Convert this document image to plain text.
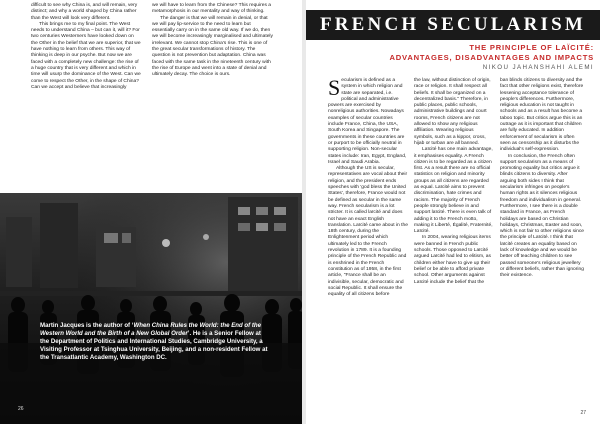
difficult to see why China is, and will remain, very distinct; and why a world shaped by China rather than the West will look very different.

This brings me to my final point. The West needs to understand China – but can it, will it? For two centuries Westerners have looked down on the Other in the belief that we are superior, that we have nothing to learn from others. This way of thinking is deep in our psyche. But now we are faced with a completely new challenge: the rise of a huge country that is very different and which in time will usurp the dominance of the West. Can we come to respect the Other, in the shape of China? Can we accept and believe that increasingly

we will have to learn from the Chinese? This requires a metamorphosis in our mentality and way of thinking.

The danger is that we will remain in denial, or that we will pay lip-service to the need to learn but essentially carry on in the same old way. If we do, then we will become increasingly marginalised and ultimately irrelevant. We cannot stop China's rise. This is one of the great secular transformations of history. The question is not prevention but adaptation. China was faced with the same task in the nineteenth century with the rise of Europe and went into a state of denial and ultimately decay. The choice is ours.

Martin Jacques is the author of ‘When China Rules the World: the End of the Western World and the Birth of a New Global Order’. He is a Senior Fellow at the Department of Politics and International Studies, Cambridge University, a Visiting Professor at Tsinghua University, Beijing, and a non-resident Fellow at the Transatlantic Academy, Washington DC.
26
FRENCH SECULARISM
THE PRINCIPLE OF LAÏCITÉ:
ADVANTAGES, DISADVANTAGES AND IMPACTS
NIKOU JAHANSHAHI ALEMI

Secularism is defined as a system in which religion and state are separated, i.e. political and administrative powers are exercised by nonreligious authorities. Nowadays examples of secular countries include France, China, the USA, South Korea and Singapore. The governments in these countries are or purport to be officially neutral in supporting religion. Non-secular states include: Iran, Egypt, England, Israel and Saudi Arabia.

Although the US is secular, representatives are vocal about their religion, and the president ends speeches with 'god bless the United States', therefore, France would not be defined as secular in the same way. French secularism is a lot stricter. It is called laïcité and does not have an exact English translation. Laïcité came about in the 18th century, during the Enlightenment period which ultimately led to the French revolution in 1789. It is a founding principle of the French Republic and is enshrined in the French constitution as of 1958, in the first article, "France shall be an indivisible, secular, democratic and social Republic. It shall ensure the equality of all citizens before

the law, without distinction of origin, race or religion. It shall respect all beliefs. It shall be organized on a decentralized basis." Therefore, in public places, public schools, administrative buildings and court rooms, French citizens are not allowed to show any religious affiliation. Wearing religious symbols, such as a kippor, cross, hijab or turban are all banned.

Laïcité has one main advantage, it emphasises equality. A French citizen is to be regarded as a citizen first. As a result there are no official statistics on religion and minority groups as all citizens are regarded as equal. Laïcité aims to prevent discrimination, hate crimes and racism. The majority of French people strongly believe in and support laïcité. There is even talk of adding it to the French motto, making it Liberté, Égalité, Fraternité, Laïcité.

In 2004, wearing religious items were banned in French public schools. Those opposed to Laïcité argued Laïcité had led to elitism, as children either have to give up their belief or be able to afford private school. Other arguments against Laïcité include the belief that the

ban blinds citizens to diversity and the fact that other religions exist, therefore lessening acceptance tolerance of people's differences. Furthermore, religious education is not taught in schools and as a result has become a taboo topic. But critics argue this is an outrage as it is important that children are fully educated. In addition enforcement of secularism is often seen as censorship as it disturbs the individual's self-expression.

In conclusion, the French often support secularism as a means of promoting equality but critics argue it blinds citizens to diversity. After arguing both sides I think that secularism infringes on people's human rights as it silences religious freedom and individualism in general. Furthermore, I see there is a double standard in France, as French holidays are based on Christian holidays, Christmas, Easter and soon, which is not fair to other religions since the principle of Laïcité. I think that laïcité creates an equality based on lack of knowledge and we would be better off teaching children to see passed someone's religious jewellery or different beliefs, rather than ignoring their existence.

27
